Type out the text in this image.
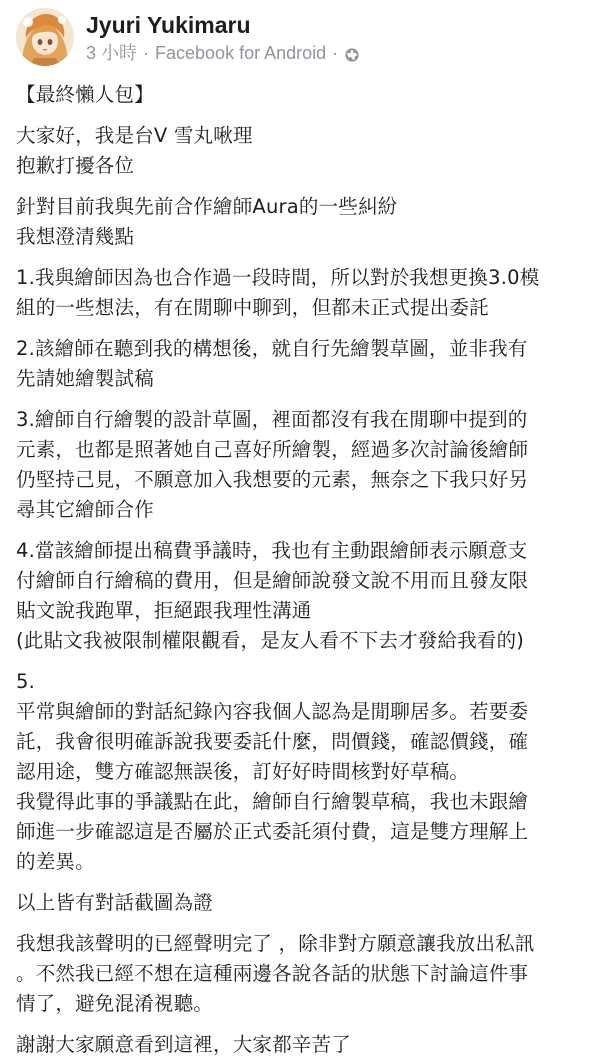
Jyuri Yukimaru
3 小時 · Facebook for Android ·

【最終懶人包】

大家好，我是台V 雪丸啾理
抱歉打擾各位

針對目前我與先前合作繪師Aura的一些糾紛
我想澄清幾點

1.我與繪師因為也合作過一段時間，所以對於我想更換3.0模
組的一些想法，有在閒聊中聊到，但都未正式提出委託

2.該繪師在聽到我的構想後，就自行先繪製草圖，並非我有
先請她繪製試稿

3.繪師自行繪製的設計草圖，裡面都沒有我在閒聊中提到的
元素，也都是照著她自己喜好所繪製，經過多次討論後繪師
仍堅持己見，不願意加入我想要的元素，無奈之下我只好另
尋其它繪師合作

4.當該繪師提出稿費爭議時，我也有主動跟繪師表示願意支
付繪師自行繪稿的費用，但是繪師說發文說不用而且發友限
貼文說我跑單，拒絕跟我理性溝通
(此貼文我被限制權限觀看，是友人看不下去才發給我看的)

5.
平常與繪師的對話紀錄內容我個人認為是閒聊居多。若要委
託，我會很明確訴說我要委託什麼，問價錢，確認價錢，確
認用途，雙方確認無誤後，訂好好時間核對好草稿。
我覺得此事的爭議點在此，繪師自行繪製草稿，我也未跟繪
師進一步確認這是否屬於正式委託須付費，這是雙方理解上
的差異。

以上皆有對話截圖為證

我想我該聲明的已經聲明完了 ，除非對方願意讓我放出私訊
。不然我已經不想在這種兩邊各說各話的狀態下討論這件事
情了，避免混淆視聽。

謝謝大家願意看到這裡，大家都辛苦了
